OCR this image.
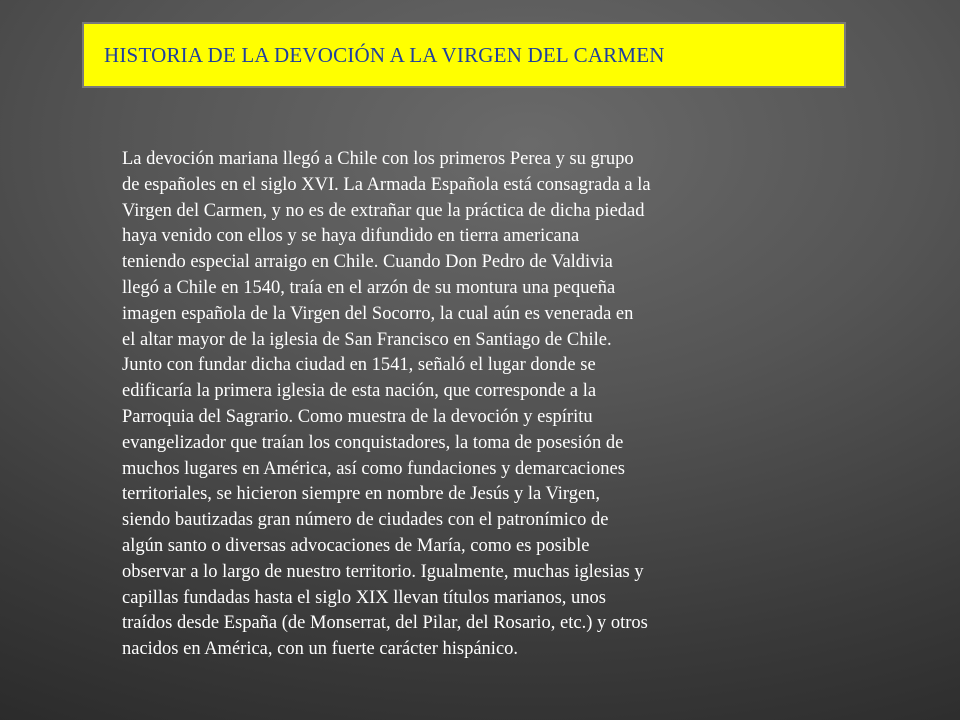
HISTORIA DE LA DEVOCIÓN A LA VIRGEN DEL CARMEN

La devoción mariana llegó a Chile con los primeros Perea y su grupo
de españoles en el siglo XVI. La Armada Española está consagrada a la
Virgen del Carmen, y no es de extrañar que la práctica de dicha piedad
haya venido con ellos y se haya difundido en tierra americana
teniendo especial arraigo en Chile. Cuando Don Pedro de Valdivia
llegó a Chile en 1540, traía en el arzón de su montura una pequeña
imagen española de la Virgen del Socorro, la cual aún es venerada en
el altar mayor de la iglesia de San Francisco en Santiago de Chile.
Junto con fundar dicha ciudad en 1541, señaló el lugar donde se
edificaría la primera iglesia de esta nación, que corresponde a la
Parroquia del Sagrario. Como muestra de la devoción y espíritu
evangelizador que traían los conquistadores, la toma de posesión de
muchos lugares en América, así como fundaciones y demarcaciones
territoriales, se hicieron siempre en nombre de Jesús y la Virgen,
siendo bautizadas gran número de ciudades con el patronímico de
algún santo o diversas advocaciones de María, como es posible
observar a lo largo de nuestro territorio. Igualmente, muchas iglesias y
capillas fundadas hasta el siglo XIX llevan títulos marianos, unos
traídos desde España (de Monserrat, del Pilar, del Rosario, etc.) y otros
nacidos en América, con un fuerte carácter hispánico.
